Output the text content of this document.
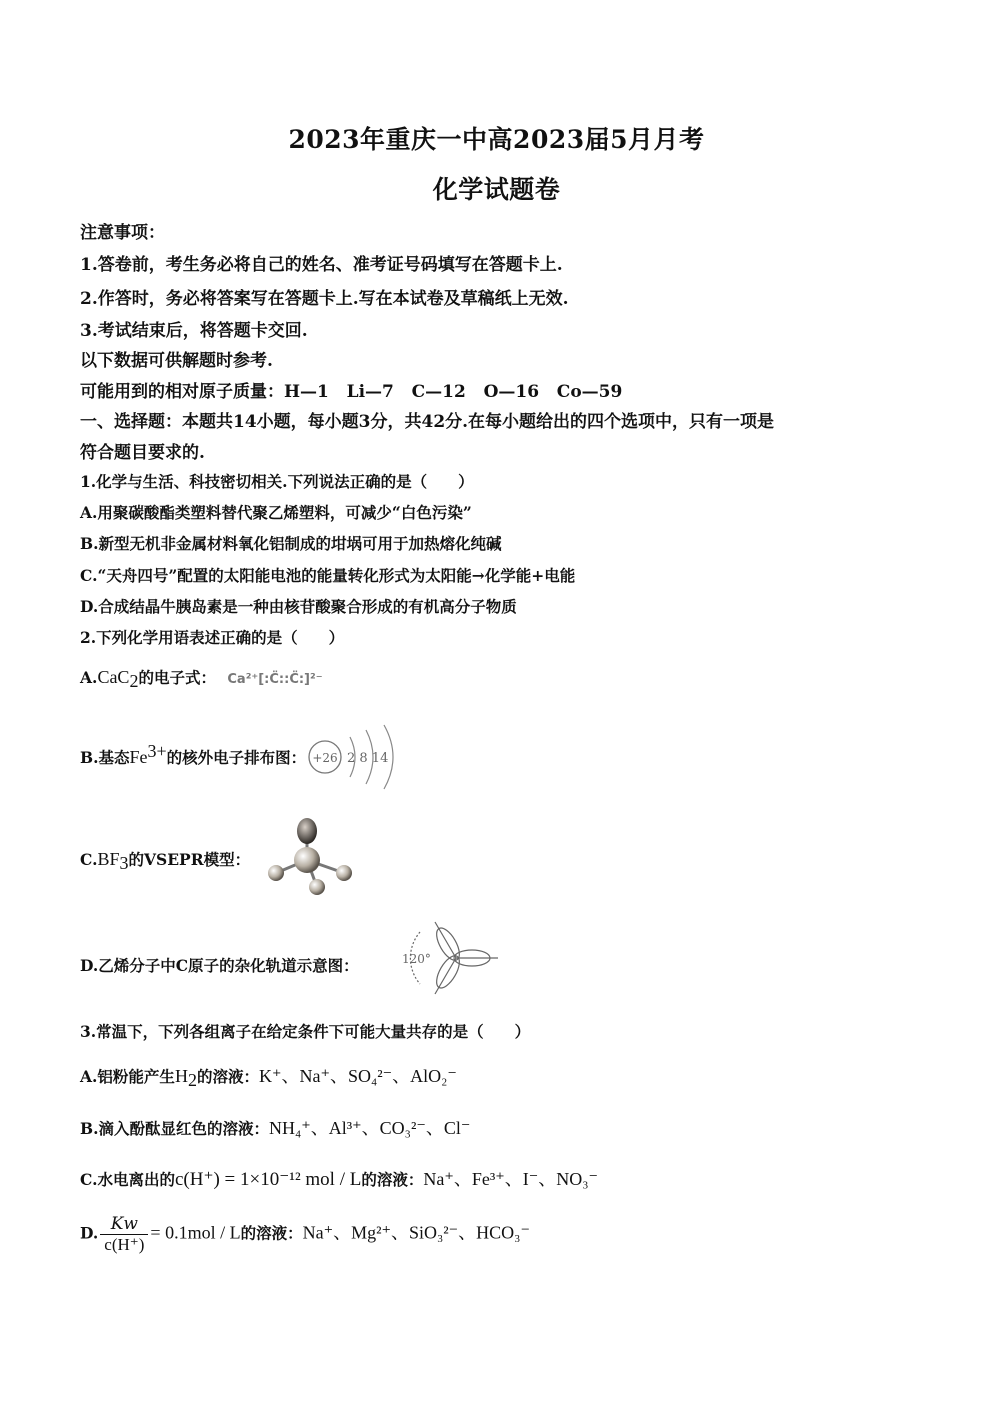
2023年重庆一中高2023届5月月考
化学试题卷
注意事项：
1.答卷前，考生务必将自己的姓名、准考证号码填写在答题卡上.
2.作答时，务必将答案写在答题卡上.写在本试卷及草稿纸上无效.
3.考试结束后，将答题卡交回.
以下数据可供解题时参考.
可能用到的相对原子质量：H—1   Li—7   C—12   O—16   Co—59
一、选择题：本题共14小题，每小题3分，共42分.在每小题给出的四个选项中，只有一项是
符合题目要求的.
1.化学与生活、科技密切相关.下列说法正确的是（　　）
A.用聚碳酸酯类塑料替代聚乙烯塑料，可减少“白色污染”
B.新型无机非金属材料氧化铝制成的坩埚可用于加热熔化纯碱
C.“天舟四号”配置的太阳能电池的能量转化形式为太阳能→化学能+电能
D.合成结晶牛胰岛素是一种由核苷酸聚合形成的有机高分子物质
2.下列化学用语表述正确的是（　　）
A.CaC$_2$的电子式： Ca²⁺[:C̈::C̈:]²⁻
B.基态$Fe^{3+}$的核外电子排布图： +26 2 8 14
$C.BF_3$的VSEPR模型：
D.乙烯分子中C原子的杂化轨道示意图：	120°
3.常温下，下列各组离子在给定条件下可能大量共存的是（　　）
A.铝粉能产生$H_2$的溶液：K⁺、Na⁺、SO₄²⁻、AlO₂⁻
B.滴入酚酞显红色的溶液：NH₄⁺、Al³⁺、CO₃²⁻、Cl⁻
C.水电离出的c(H⁺) = 1×10⁻¹² mol / L的溶液：Na⁺、Fe³⁺、I⁻、NO₃⁻
D. $\frac{Kw}{c(H^+)} = 0.1mol / L$的溶液：Na⁺、Mg²⁺、SiO₃²⁻、HCO₃⁻
